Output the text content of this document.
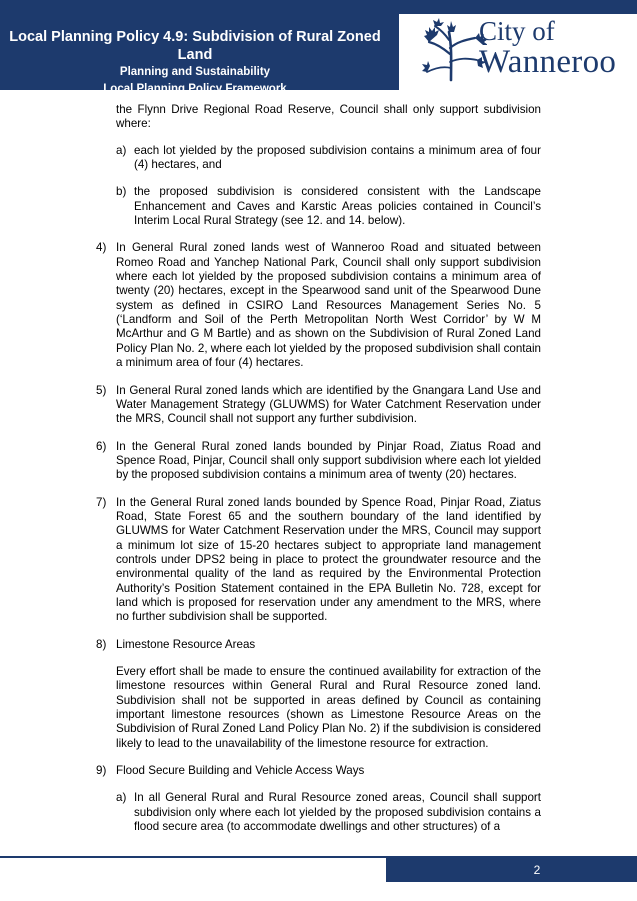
Local Planning Policy 4.9: Subdivision of Rural Zoned Land
Planning and Sustainability
Local Planning Policy Framework
City of
Wanneroo
the Flynn Drive Regional Road Reserve, Council shall only support subdivision where:
a) each lot yielded by the proposed subdivision contains a minimum area of four (4) hectares, and
b) the proposed subdivision is considered consistent with the Landscape Enhancement and Caves and Karstic Areas policies contained in Council’s Interim Local Rural Strategy (see 12. and 14. below).
4) In General Rural zoned lands west of Wanneroo Road and situated between Romeo Road and Yanchep National Park, Council shall only support subdivision where each lot yielded by the proposed subdivision contains a minimum area of twenty (20) hectares, except in the Spearwood sand unit of the Spearwood Dune system as defined in CSIRO Land Resources Management Series No. 5 (‘Landform and Soil of the Perth Metropolitan North West Corridor’ by W M McArthur and G M Bartle) and as shown on the Subdivision of Rural Zoned Land Policy Plan No. 2, where each lot yielded by the proposed subdivision shall contain a minimum area of four (4) hectares.
5) In General Rural zoned lands which are identified by the Gnangara Land Use and Water Management Strategy (GLUWMS) for Water Catchment Reservation under the MRS, Council shall not support any further subdivision.
6) In the General Rural zoned lands bounded by Pinjar Road, Ziatus Road and Spence Road, Pinjar, Council shall only support subdivision where each lot yielded by the proposed subdivision contains a minimum area of twenty (20) hectares.
7) In the General Rural zoned lands bounded by Spence Road, Pinjar Road, Ziatus Road, State Forest 65 and the southern boundary of the land identified by GLUWMS for Water Catchment Reservation under the MRS, Council may support a minimum lot size of 15-20 hectares subject to appropriate land management controls under DPS2 being in place to protect the groundwater resource and the environmental quality of the land as required by the Environmental Protection Authority’s Position Statement contained in the EPA Bulletin No. 728, except for land which is proposed for reservation under any amendment to the MRS, where no further subdivision shall be supported.
8) Limestone Resource Areas
Every effort shall be made to ensure the continued availability for extraction of the limestone resources within General Rural and Rural Resource zoned land. Subdivision shall not be supported in areas defined by Council as containing important limestone resources (shown as Limestone Resource Areas on the Subdivision of Rural Zoned Land Policy Plan No. 2) if the subdivision is considered likely to lead to the unavailability of the limestone resource for extraction.
9) Flood Secure Building and Vehicle Access Ways
a) In all General Rural and Rural Resource zoned areas, Council shall support subdivision only where each lot yielded by the proposed subdivision contains a flood secure area (to accommodate dwellings and other structures) of a
2
